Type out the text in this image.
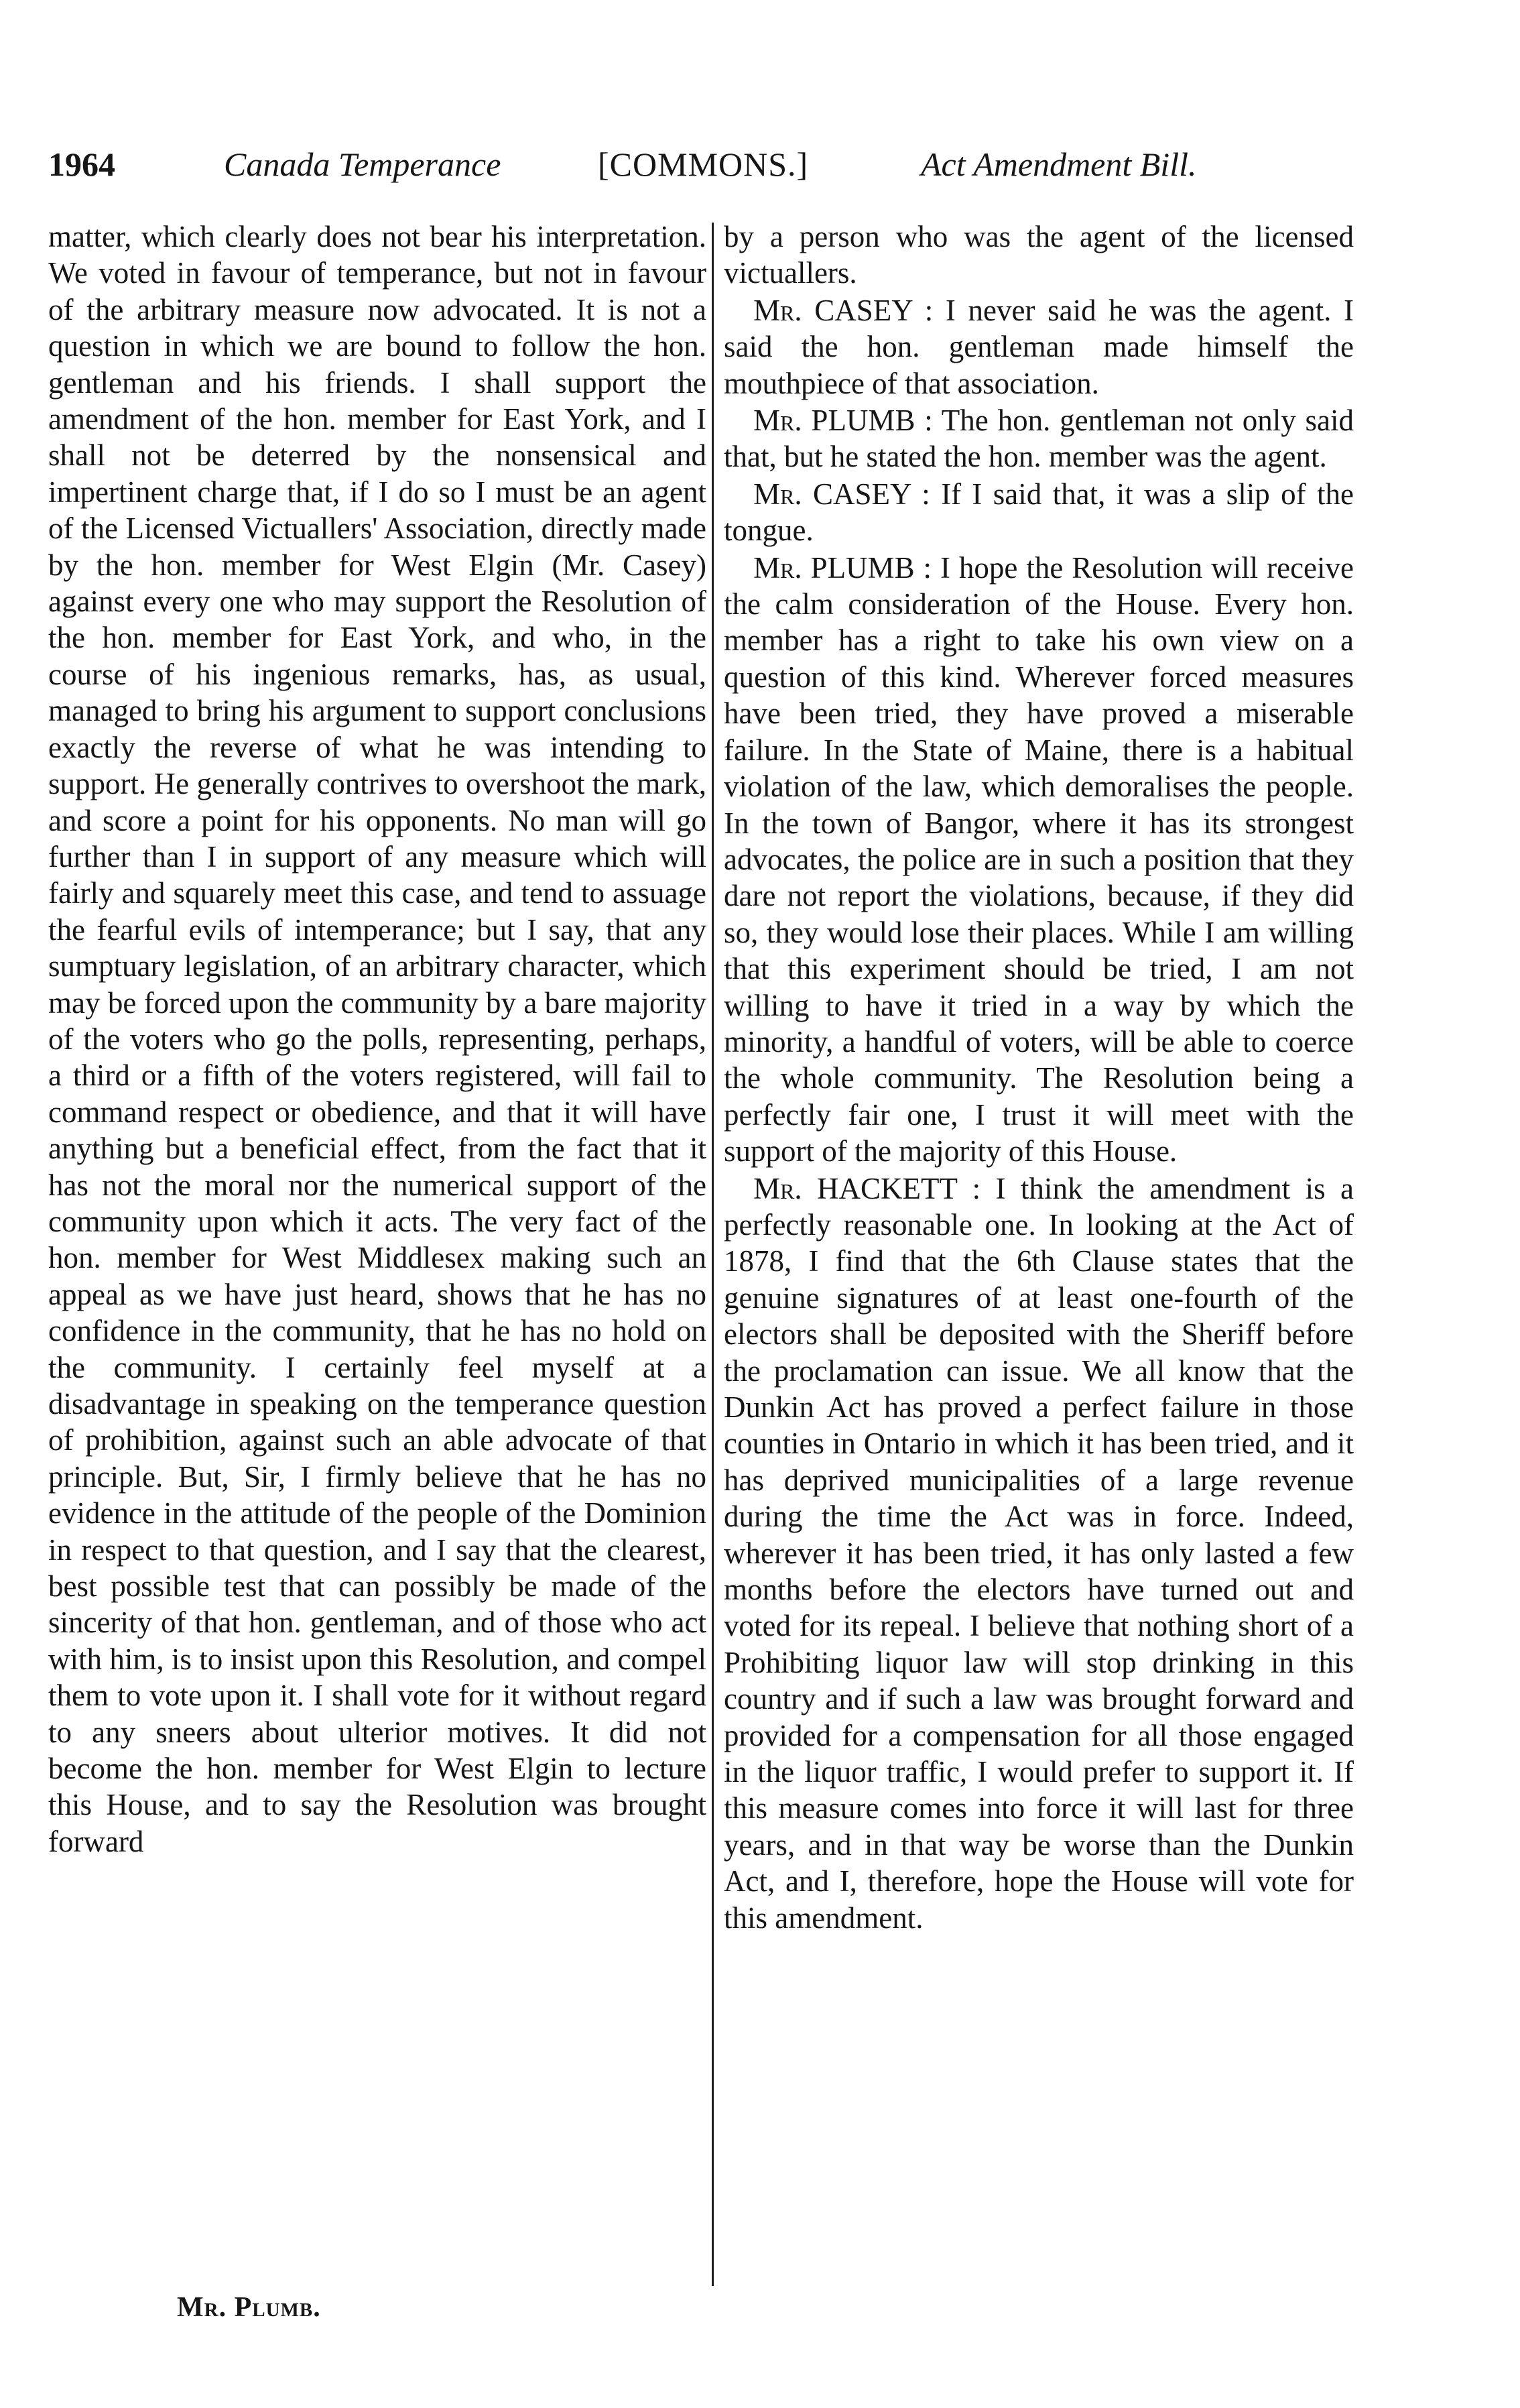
1964	Canada Temperance	[COMMONS.]	Act Amendment Bill.

matter, which clearly does not bear his interpretation. We voted in favour of temperance, but not in favour of the arbitrary measure now advocated. It is not a question in which we are bound to follow the hon. gentleman and his friends. I shall support the amendment of the hon. member for East York, and I shall not be deterred by the nonsensical and impertinent charge that, if I do so I must be an agent of the Licensed Victuallers' Association, directly made by the hon. member for West Elgin (Mr. Casey) against every one who may support the Resolution of the hon. member for East York, and who, in the course of his ingenious remarks, has, as usual, managed to bring his argument to support conclusions exactly the reverse of what he was intending to support. He generally contrives to overshoot the mark, and score a point for his opponents. No man will go further than I in support of any measure which will fairly and squarely meet this case, and tend to assuage the fearful evils of intemperance; but I say, that any sumptuary legislation, of an arbitrary character, which may be forced upon the community by a bare majority of the voters who go the polls, representing, perhaps, a third or a fifth of the voters registered, will fail to command respect or obedience, and that it will have anything but a beneficial effect, from the fact that it has not the moral nor the numerical support of the community upon which it acts. The very fact of the hon. member for West Middlesex making such an appeal as we have just heard, shows that he has no confidence in the community, that he has no hold on the community. I certainly feel myself at a disadvantage in speaking on the temperance question of prohibition, against such an able advocate of that principle. But, Sir, I firmly believe that he has no evidence in the attitude of the people of the Dominion in respect to that question, and I say that the clearest, best possible test that can possibly be made of the sincerity of that hon. gentleman, and of those who act with him, is to insist upon this Resolution, and compel them to vote upon it. I shall vote for it without regard to any sneers about ulterior motives. It did not become the hon. member for West Elgin to lecture this House, and to say the Resolution was brought forward

by a person who was the agent of the licensed victuallers.

Mr. CASEY : I never said he was the agent. I said the hon. gentleman made himself the mouthpiece of that association.

Mr. PLUMB : The hon. gentleman not only said that, but he stated the hon. member was the agent.

Mr. CASEY : If I said that, it was a slip of the tongue.

Mr. PLUMB : I hope the Resolution will receive the calm consideration of the House. Every hon. member has a right to take his own view on a question of this kind. Wherever forced measures have been tried, they have proved a miserable failure. In the State of Maine, there is a habitual violation of the law, which demoralises the people. In the town of Bangor, where it has its strongest advocates, the police are in such a position that they dare not report the violations, because, if they did so, they would lose their places. While I am willing that this experiment should be tried, I am not willing to have it tried in a way by which the minority, a handful of voters, will be able to coerce the whole community. The Resolution being a perfectly fair one, I trust it will meet with the support of the majority of this House.

Mr. HACKETT : I think the amendment is a perfectly reasonable one. In looking at the Act of 1878, I find that the 6th Clause states that the genuine signatures of at least one-fourth of the electors shall be deposited with the Sheriff before the proclamation can issue. We all know that the Dunkin Act has proved a perfect failure in those counties in Ontario in which it has been tried, and it has deprived municipalities of a large revenue during the time the Act was in force. Indeed, wherever it has been tried, it has only lasted a few months before the electors have turned out and voted for its repeal. I believe that nothing short of a Prohibiting liquor law will stop drinking in this country and if such a law was brought forward and provided for a compensation for all those engaged in the liquor traffic, I would prefer to support it. If this measure comes into force it will last for three years, and in that way be worse than the Dunkin Act, and I, therefore, hope the House will vote for this amendment.

Mr. Plumb.
